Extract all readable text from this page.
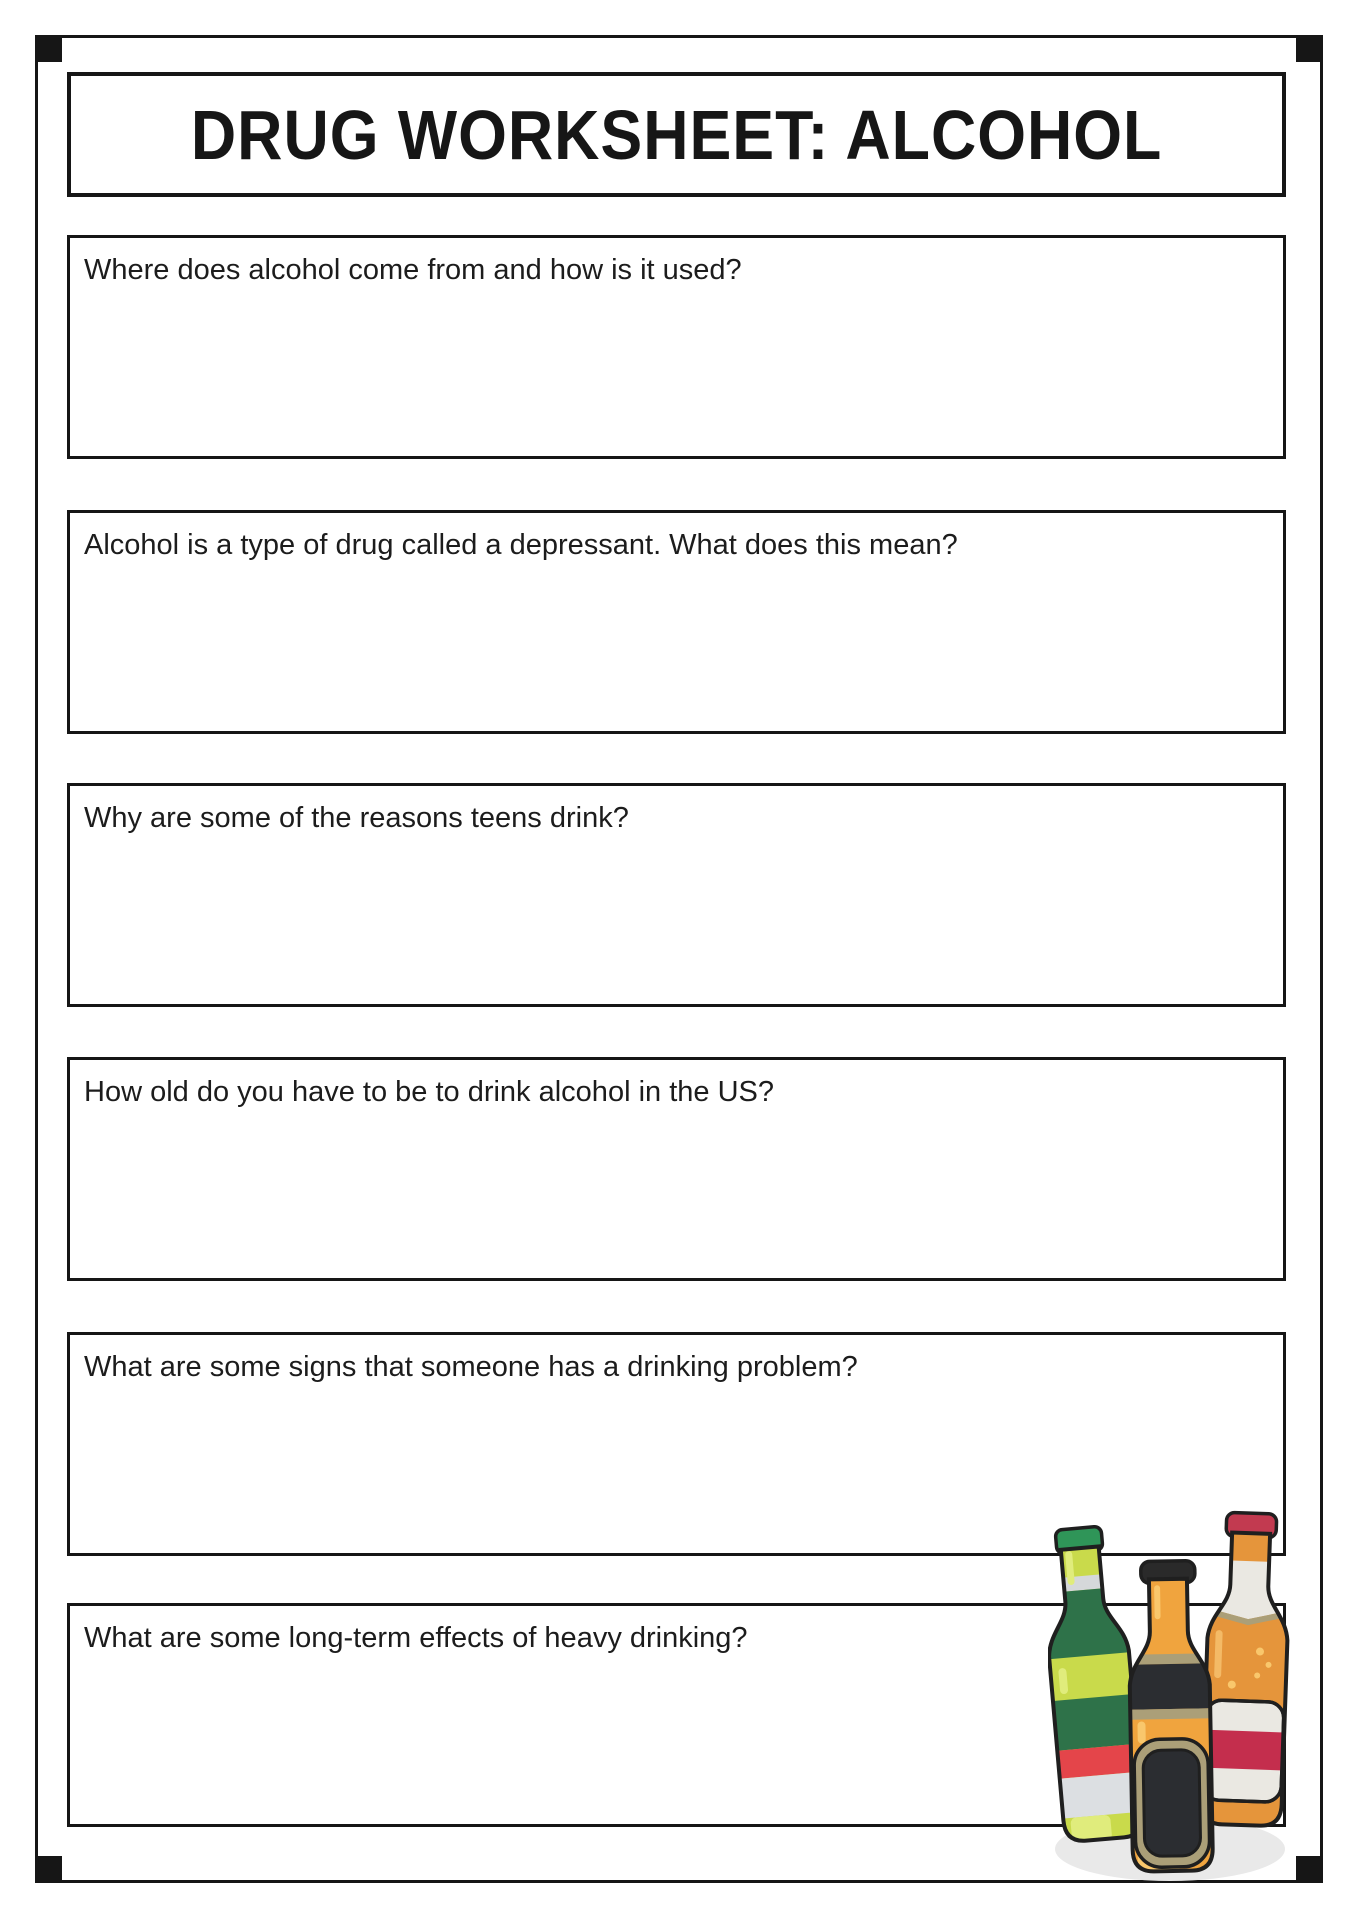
DRUG WORKSHEET: ALCOHOL
Where does alcohol come from and how is it used?
Alcohol is a type of drug called a depressant. What does this mean?
Why are some of the reasons teens drink?
How old do you have to be to drink alcohol in the US?
What are some signs that someone has a drinking problem?
What are some long-term effects of heavy drinking?
